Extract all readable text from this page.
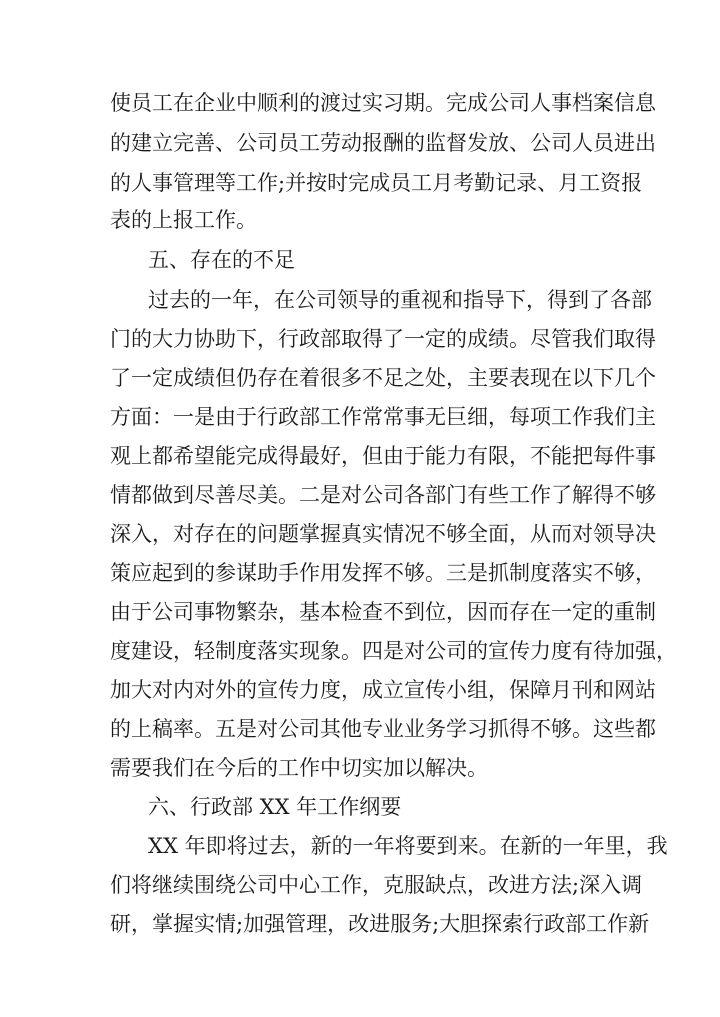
使员工在企业中顺利的渡过实习期。完成公司人事档案信息
的建立完善、公司员工劳动报酬的监督发放、公司人员进出
的人事管理等工作;并按时完成员工月考勤记录、月工资报
表的上报工作。
五、存在的不足
过去的一年，在公司领导的重视和指导下，得到了各部
门的大力协助下，行政部取得了一定的成绩。尽管我们取得
了一定成绩但仍存在着很多不足之处，主要表现在以下几个
方面：一是由于行政部工作常常事无巨细，每项工作我们主
观上都希望能完成得最好，但由于能力有限，不能把每件事
情都做到尽善尽美。二是对公司各部门有些工作了解得不够
深入，对存在的问题掌握真实情况不够全面，从而对领导决
策应起到的参谋助手作用发挥不够。三是抓制度落实不够，
由于公司事物繁杂，基本检查不到位，因而存在一定的重制
度建设，轻制度落实现象。四是对公司的宣传力度有待加强，
加大对内对外的宣传力度，成立宣传小组，保障月刊和网站
的上稿率。五是对公司其他专业业务学习抓得不够。这些都
需要我们在今后的工作中切实加以解决。
六、行政部 XX 年工作纲要
XX 年即将过去，新的一年将要到来。在新的一年里，我
们将继续围绕公司中心工作，克服缺点，改进方法;深入调
研，掌握实情;加强管理，改进服务;大胆探索行政部工作新
